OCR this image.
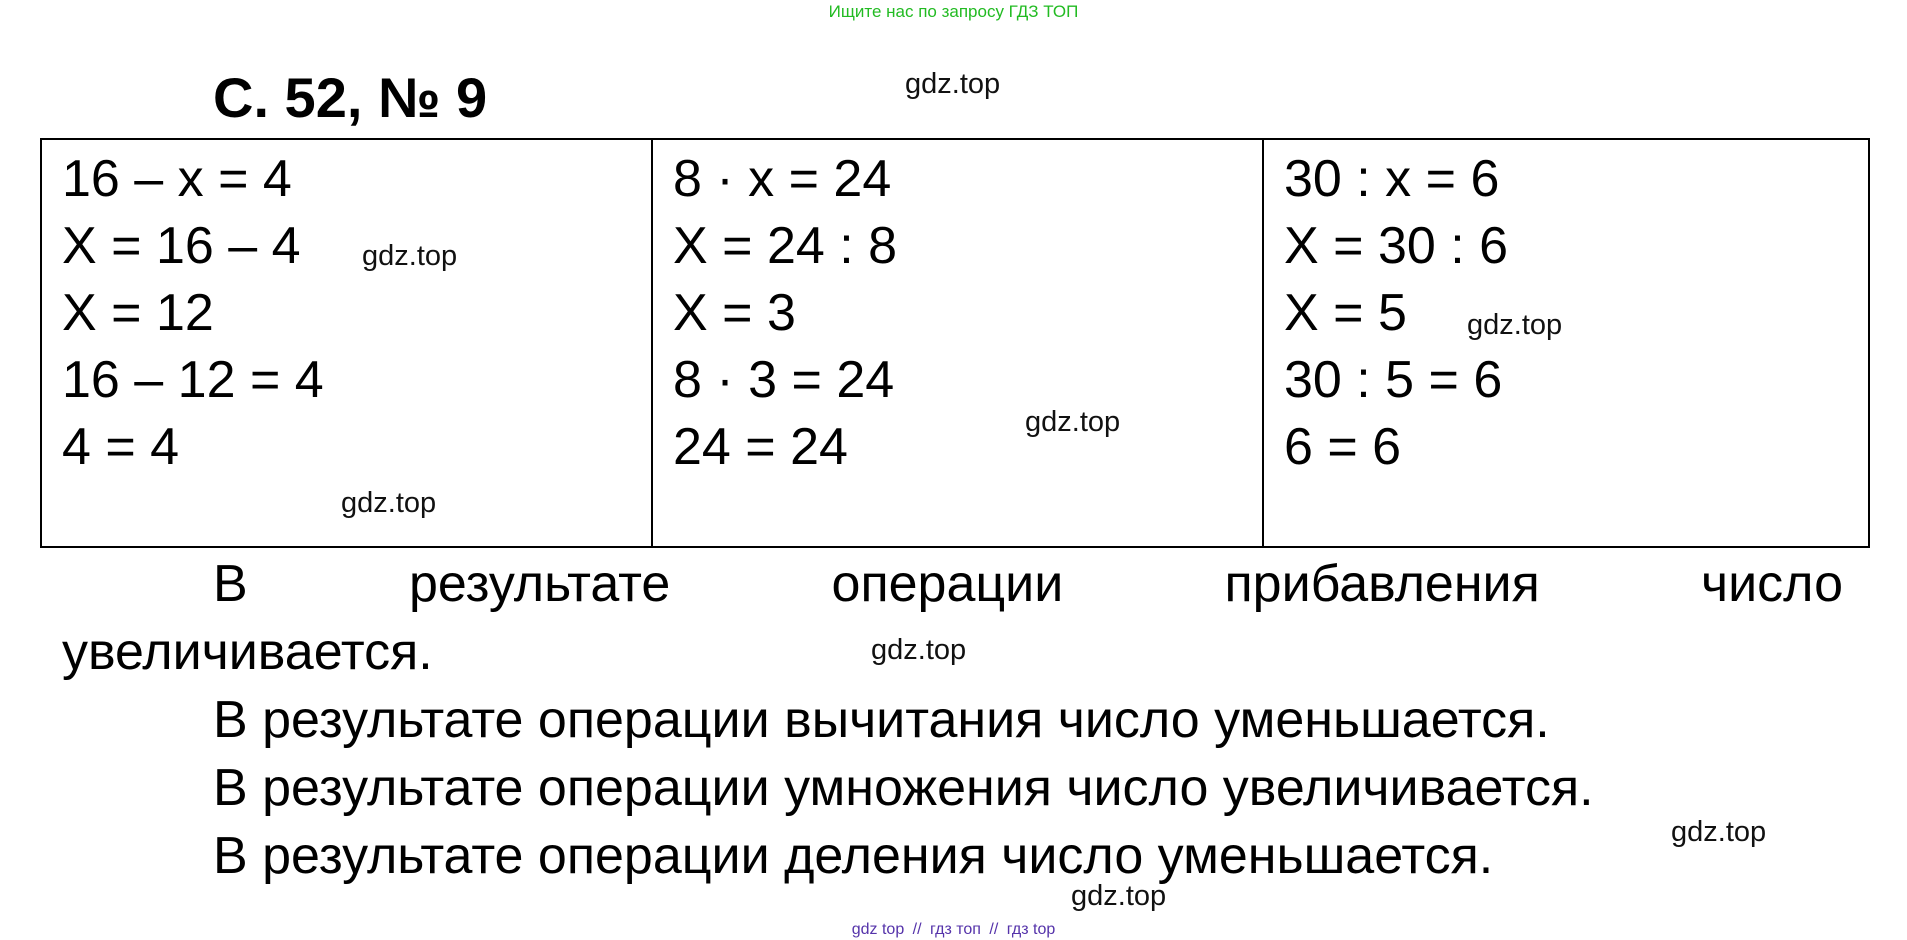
Ищите нас по запросу ГДЗ ТОП
С. 52, № 9	gdz.top
16 – x = 4
X = 16 – 4
X = 12
16 – 12 = 4
4 = 4
8 · x = 24
X = 24 : 8
X = 3
8 · 3 = 24
24 = 24
30 : x = 6
X = 30 : 6
X = 5
30 : 5 = 6
6 = 6
gdz.top
gdz.top
gdz.top
gdz.top
В	результате	операции	прибавления	число
увеличивается.	gdz.top
В результате операции вычитания число уменьшается.
В результате операции умножения число увеличивается.
В результате операции деления число уменьшается.	gdz.top
gdz.top
gdz top // гдз топ // гдз top
